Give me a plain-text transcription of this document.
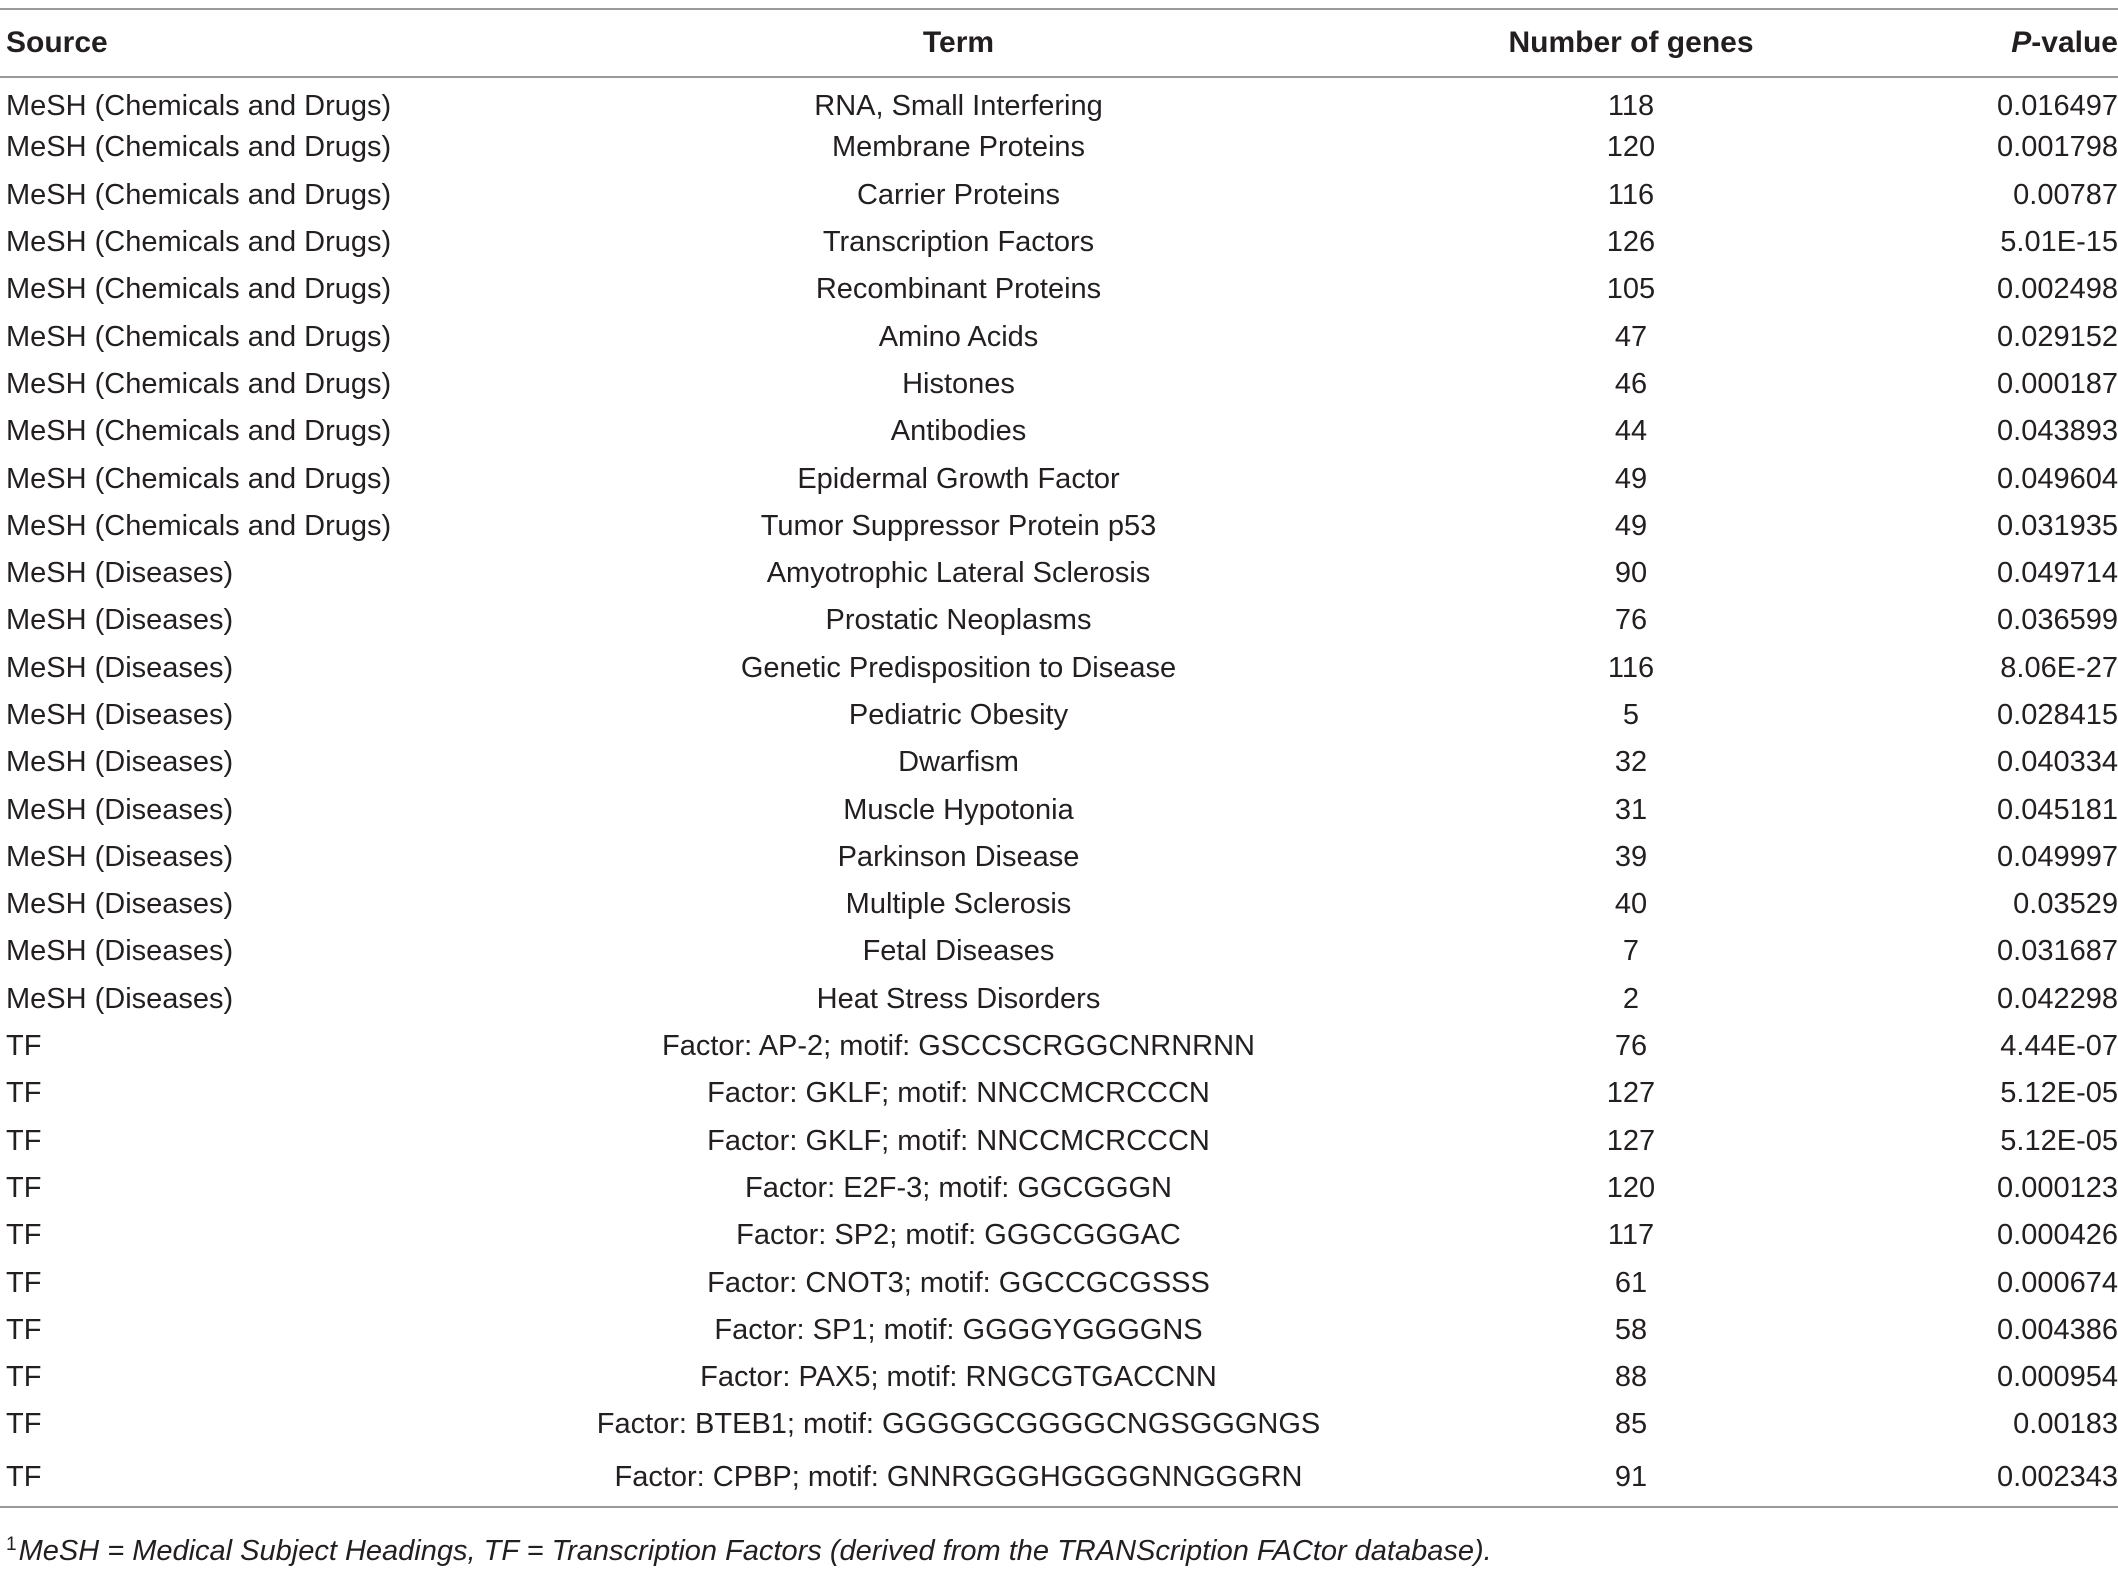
Source	Term	Number of genes	P-value
MeSH (Chemicals and Drugs)	RNA, Small Interfering	118	0.016497
MeSH (Chemicals and Drugs)	Membrane Proteins	120	0.001798
MeSH (Chemicals and Drugs)	Carrier Proteins	116	0.00787
MeSH (Chemicals and Drugs)	Transcription Factors	126	5.01E-15
MeSH (Chemicals and Drugs)	Recombinant Proteins	105	0.002498
MeSH (Chemicals and Drugs)	Amino Acids	47	0.029152
MeSH (Chemicals and Drugs)	Histones	46	0.000187
MeSH (Chemicals and Drugs)	Antibodies	44	0.043893
MeSH (Chemicals and Drugs)	Epidermal Growth Factor	49	0.049604
MeSH (Chemicals and Drugs)	Tumor Suppressor Protein p53	49	0.031935
MeSH (Diseases)	Amyotrophic Lateral Sclerosis	90	0.049714
MeSH (Diseases)	Prostatic Neoplasms	76	0.036599
MeSH (Diseases)	Genetic Predisposition to Disease	116	8.06E-27
MeSH (Diseases)	Pediatric Obesity	5	0.028415
MeSH (Diseases)	Dwarfism	32	0.040334
MeSH (Diseases)	Muscle Hypotonia	31	0.045181
MeSH (Diseases)	Parkinson Disease	39	0.049997
MeSH (Diseases)	Multiple Sclerosis	40	0.03529
MeSH (Diseases)	Fetal Diseases	7	0.031687
MeSH (Diseases)	Heat Stress Disorders	2	0.042298
TF	Factor: AP-2; motif: GSCCSCRGGCNRNRNN	76	4.44E-07
TF	Factor: GKLF; motif: NNCCMCRCCCN	127	5.12E-05
TF	Factor: GKLF; motif: NNCCMCRCCCN	127	5.12E-05
TF	Factor: E2F-3; motif: GGCGGGN	120	0.000123
TF	Factor: SP2; motif: GGGCGGGAC	117	0.000426
TF	Factor: CNOT3; motif: GGCCGCGSSS	61	0.000674
TF	Factor: SP1; motif: GGGGYGGGGNS	58	0.004386
TF	Factor: PAX5; motif: RNGCGTGACCNN	88	0.000954
TF	Factor: BTEB1; motif: GGGGGCGGGGCNGSGGGNGS	85	0.00183
TF	Factor: CPBP; motif: GNNRGGGHGGGGNNGGGRN	91	0.002343
$^1$MeSH = Medical Subject Headings, TF = Transcription Factors (derived from the TRANScription FACtor database).
